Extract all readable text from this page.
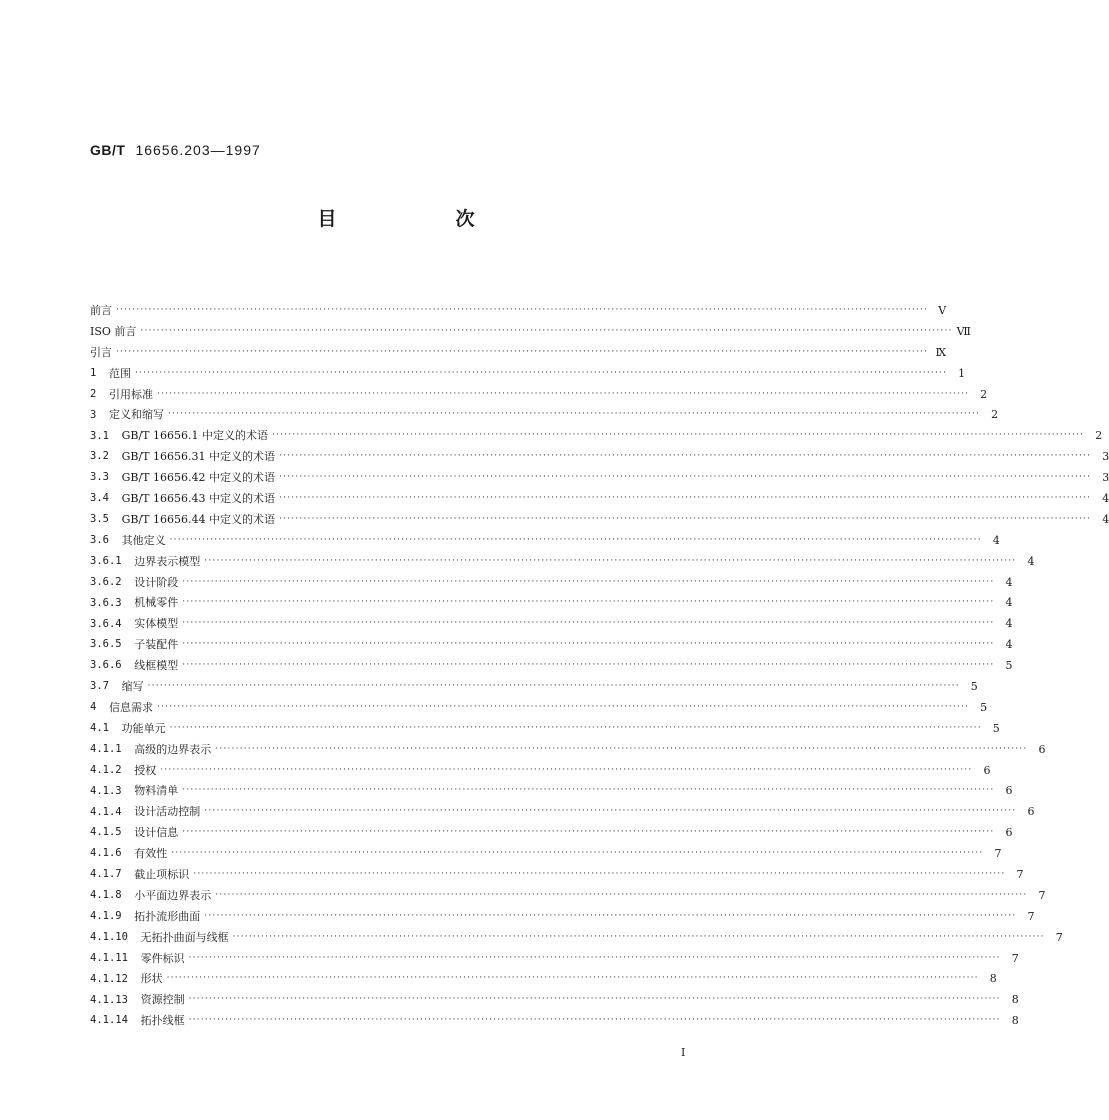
GB/T 16656.203—1997
目　次
前言 ········································································································································································································ Ⅴ
ISO 前言 ········································································································································································································ Ⅶ
引言 ········································································································································································································ Ⅸ
1 范围 ········································································································································································································	1
2 引用标准 ········································································································································································································	2
3 定义和缩写 ········································································································································································································	2
3.1 GB/T 16656.1 中定义的术语 ········································································································································································································	2
3.2 GB/T 16656.31 中定义的术语 ········································································································································································································	3
3.3 GB/T 16656.42 中定义的术语 ········································································································································································································	3
3.4 GB/T 16656.43 中定义的术语 ········································································································································································································	4
3.5 GB/T 16656.44 中定义的术语 ········································································································································································································	4
3.6 其他定义 ········································································································································································································	4
3.6.1 边界表示模型 ········································································································································································································	4
3.6.2 设计阶段 ········································································································································································································	4
3.6.3 机械零件 ········································································································································································································	4
3.6.4 实体模型 ········································································································································································································	4
3.6.5 子装配件 ········································································································································································································	4
3.6.6 线框模型 ········································································································································································································	5
3.7 缩写 ········································································································································································································	5
4 信息需求 ········································································································································································································	5
4.1 功能单元 ········································································································································································································	5
4.1.1 高级的边界表示 ········································································································································································································	6
4.1.2 授权 ········································································································································································································	6
4.1.3 物料清单 ········································································································································································································	6
4.1.4 设计活动控制 ········································································································································································································	6
4.1.5 设计信息 ········································································································································································································	6
4.1.6 有效性 ········································································································································································································	7
4.1.7 截止项标识 ········································································································································································································	7
4.1.8 小平面边界表示 ········································································································································································································	7
4.1.9 拓扑流形曲面 ········································································································································································································	7
4.1.10 无拓扑曲面与线框 ········································································································································································································	7
4.1.11 零件标识 ········································································································································································································	7
4.1.12 形状 ········································································································································································································	8
4.1.13 资源控制 ········································································································································································································	8
4.1.14 拓扑线框 ········································································································································································································	8
I
